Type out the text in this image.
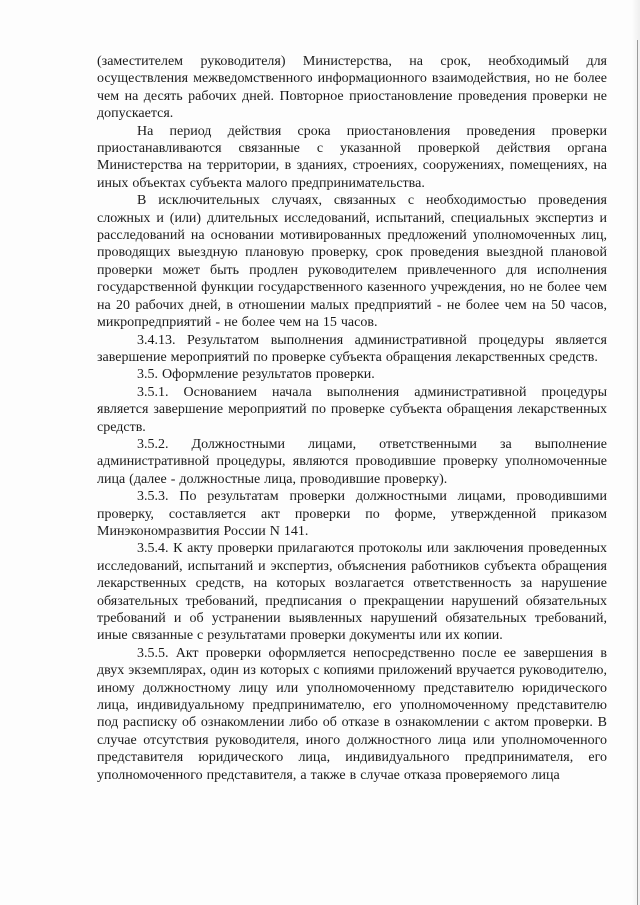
(заместителем руководителя) Министерства, на срок, необходимый для осуществления межведомственного информационного взаимодействия, но не более чем на десять рабочих дней. Повторное приостановление проведения проверки не допускается.

На период действия срока приостановления проведения проверки приостанавливаются связанные с указанной проверкой действия органа Министерства на территории, в зданиях, строениях, сооружениях, помещениях, на иных объектах субъекта малого предпринимательства.

В исключительных случаях, связанных с необходимостью проведения сложных и (или) длительных исследований, испытаний, специальных экспертиз и расследований на основании мотивированных предложений уполномоченных лиц, проводящих выездную плановую проверку, срок проведения выездной плановой проверки может быть продлен руководителем привлеченного для исполнения государственной функции государственного казенного учреждения, но не более чем на 20 рабочих дней, в отношении малых предприятий - не более чем на 50 часов, микропредприятий - не более чем на 15 часов.

3.4.13. Результатом выполнения административной процедуры является завершение мероприятий по проверке субъекта обращения лекарственных средств.

3.5. Оформление результатов проверки.

3.5.1. Основанием начала выполнения административной процедуры является завершение мероприятий по проверке субъекта обращения лекарственных средств.

3.5.2. Должностными лицами, ответственными за выполнение административной процедуры, являются проводившие проверку уполномоченные лица (далее - должностные лица, проводившие проверку).

3.5.3. По результатам проверки должностными лицами, проводившими проверку, составляется акт проверки по форме, утвержденной приказом Минэкономразвития России N 141.

3.5.4. К акту проверки прилагаются протоколы или заключения проведенных исследований, испытаний и экспертиз, объяснения работников субъекта обращения лекарственных средств, на которых возлагается ответственность за нарушение обязательных требований, предписания о прекращении нарушений обязательных требований и об устранении выявленных нарушений обязательных требований, иные связанные с результатами проверки документы или их копии.

3.5.5. Акт проверки оформляется непосредственно после ее завершения в двух экземплярах, один из которых с копиями приложений вручается руководителю, иному должностному лицу или уполномоченному представителю юридического лица, индивидуальному предпринимателю, его уполномоченному представителю под расписку об ознакомлении либо об отказе в ознакомлении с актом проверки. В случае отсутствия руководителя, иного должностного лица или уполномоченного представителя юридического лица, индивидуального предпринимателя, его уполномоченного представителя, а также в случае отказа проверяемого лица
